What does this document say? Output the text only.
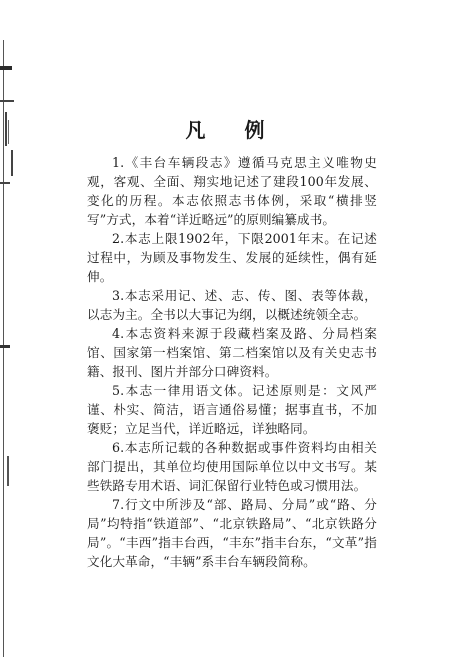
凡 例

1.《丰台车辆段志》遵循马克思主义唯物史观，客观、全面、翔实地记述了建段100年发展、变化的历程。本志依照志书体例，采取“横排竖写”方式，本着“详近略远”的原则编纂成书。

2.本志上限1902年，下限2001年末。在记述过程中，为顾及事物发生、发展的延续性，偶有延伸。

3.本志采用记、述、志、传、图、表等体裁，以志为主。全书以大事记为纲，以概述统领全志。

4.本志资料来源于段藏档案及路、分局档案馆、国家第一档案馆、第二档案馆以及有关史志书籍、报刊、图片并部分口碑资料。

5.本志一律用语文体。记述原则是：文风严谨、朴实、简洁，语言通俗易懂；据事直书，不加褒贬；立足当代，详近略远，详独略同。

6.本志所记载的各种数据或事件资料均由相关部门提出，其单位均使用国际单位以中文书写。某些铁路专用术语、词汇保留行业特色或习惯用法。

7.行文中所涉及“部、路局、分局”或“路、分局”均特指“铁道部”、“北京铁路局”、“北京铁路分局”。“丰西”指丰台西，“丰东”指丰台东，“文革”指文化大革命，“丰辆”系丰台车辆段简称。
